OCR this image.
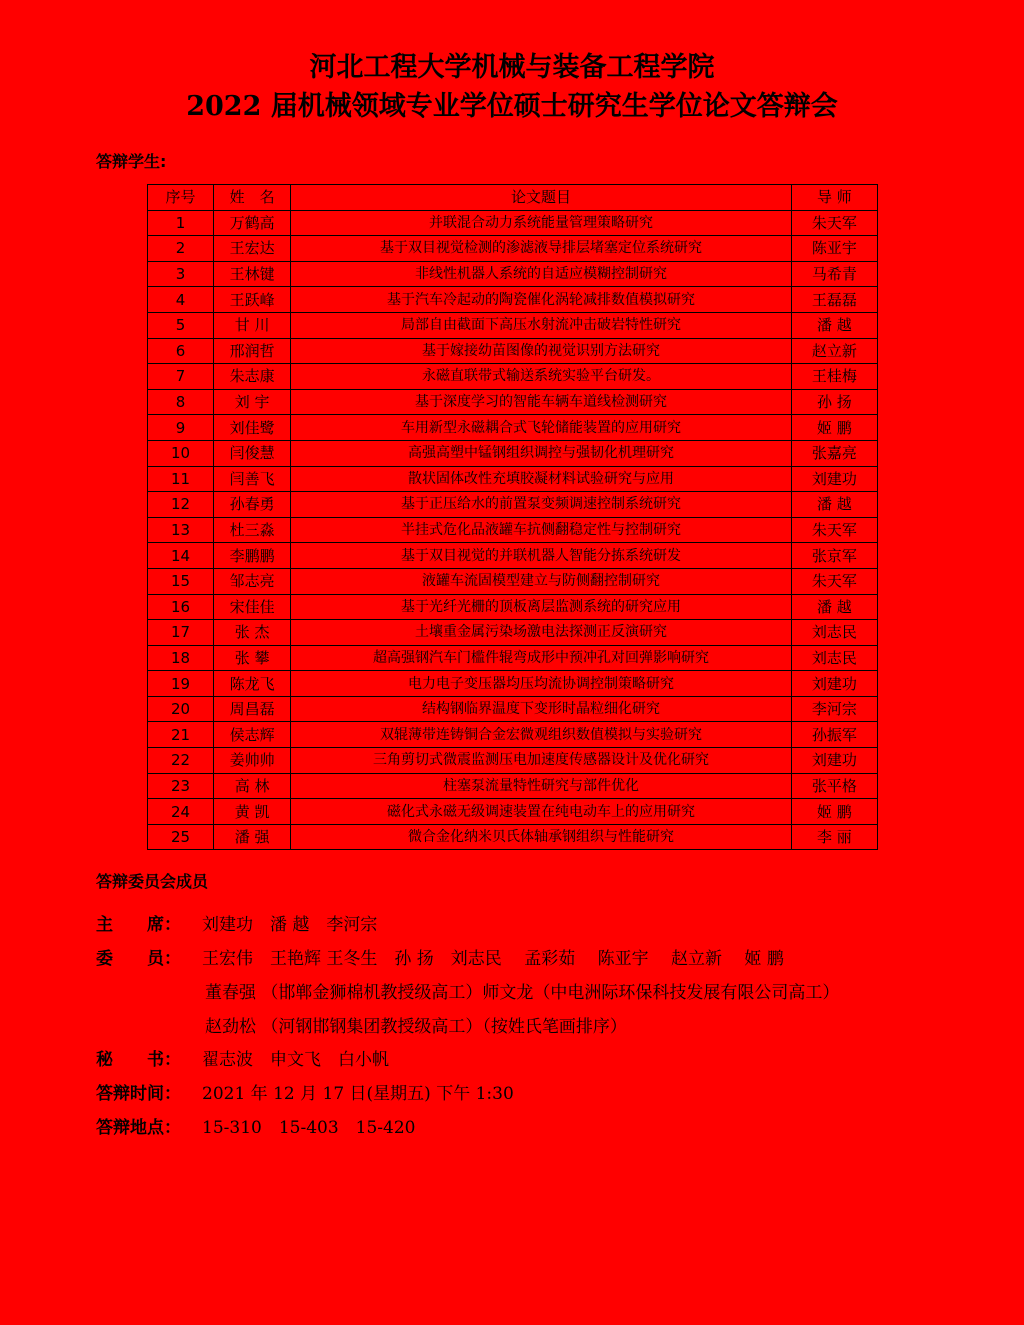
河北工程大学机械与装备工程学院
2022 届机械领域专业学位硕士研究生学位论文答辩会
答辩学生:
序号	姓　名	论文题目	导 师
1	万鹤高	并联混合动力系统能量管理策略研究	朱天军
2	王宏达	基于双目视觉检测的渗滤液导排层堵塞定位系统研究	陈亚宇
3	王林键	非线性机器人系统的自适应模糊控制研究	马希青
4	王跃峰	基于汽车冷起动的陶瓷催化涡轮减排数值模拟研究	王磊磊
5	甘 川	局部自由截面下高压水射流冲击破岩特性研究	潘 越
6	邢润哲	基于嫁接幼苗图像的视觉识别方法研究	赵立新
7	朱志康	永磁直联带式输送系统实验平台研发。	王桂梅
8	刘 宇	基于深度学习的智能车辆车道线检测研究	孙 扬
9	刘佳鹭	车用新型永磁耦合式飞轮储能装置的应用研究	姬 鹏
10	闫俊慧	高强高塑中锰钢组织调控与强韧化机理研究	张嘉亮
11	闫善飞	散状固体改性充填胶凝材料试验研究与应用	刘建功
12	孙春勇	基于正压给水的前置泵变频调速控制系统研究	潘 越
13	杜三淼	半挂式危化品液罐车抗侧翻稳定性与控制研究	朱天军
14	李鹏鹏	基于双目视觉的并联机器人智能分拣系统研发	张京军
15	邹志亮	液罐车流固模型建立与防侧翻控制研究	朱天军
16	宋佳佳	基于光纤光栅的顶板离层监测系统的研究应用	潘 越
17	张 杰	土壤重金属污染场激电法探测正反演研究	刘志民
18	张 攀	超高强钢汽车门槛件辊弯成形中预冲孔对回弹影响研究	刘志民
19	陈龙飞	电力电子变压器均压均流协调控制策略研究	刘建功
20	周昌磊	结构钢临界温度下变形时晶粒细化研究	李河宗
21	侯志辉	双辊薄带连铸铜合金宏微观组织数值模拟与实验研究	孙振军
22	姜帅帅	三角剪切式微震监测压电加速度传感器设计及优化研究	刘建功
23	高 林	柱塞泵流量特性研究与部件优化	张平格
24	黄 凯	磁化式永磁无级调速装置在纯电动车上的应用研究	姬 鹏
25	潘 强	微合金化纳米贝氏体轴承钢组织与性能研究	李 丽
答辩委员会成员
主　　席： 刘建功　潘 越　李河宗
委　　员： 王宏伟　王艳辉 王冬生　孙 扬　刘志民　 孟彩茹　 陈亚宇　 赵立新　 姬 鹏
董春强 （邯郸金狮棉机教授级高工）师文龙（中电洲际环保科技发展有限公司高工）
赵劲松 （河钢邯钢集团教授级高工）（按姓氏笔画排序）
秘　　书： 翟志波　申文飞　白小帆
答辩时间： 2021 年 12 月 17 日(星期五) 下午 1:30
答辩地点： 15-310　15-403　15-420
